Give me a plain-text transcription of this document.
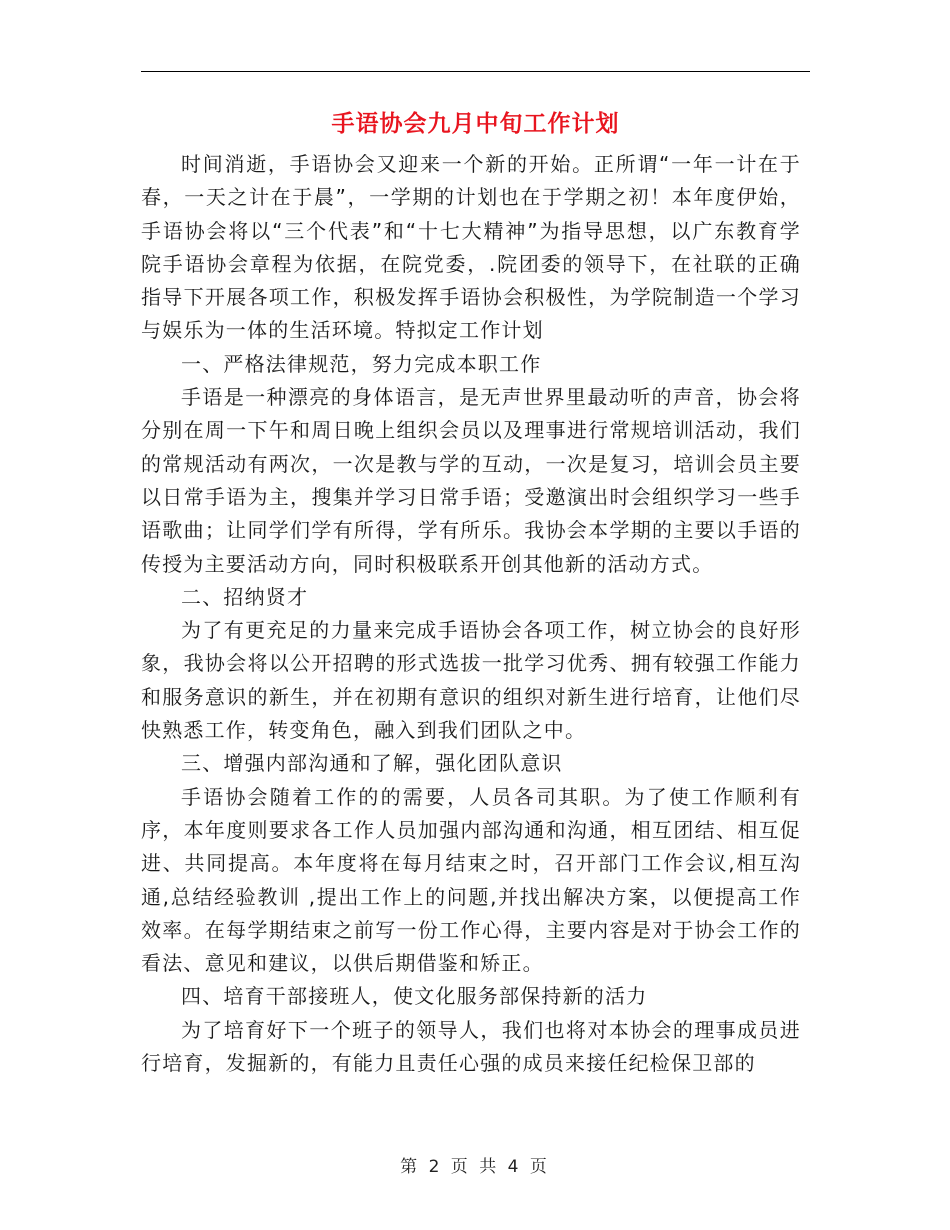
手语协会九月中旬工作计划

时间消逝，手语协会又迎来一个新的开始。正所谓“一年一计在于春，一天之计在于晨”，一学期的计划也在于学期之初！本年度伊始，手语协会将以“三个代表”和“十七大精神”为指导思想，以广东教育学院手语协会章程为依据，在院党委，.院团委的领导下，在社联的正确指导下开展各项工作，积极发挥手语协会积极性，为学院制造一个学习与娱乐为一体的生活环境。特拟定工作计划

一、严格法律规范，努力完成本职工作

手语是一种漂亮的身体语言，是无声世界里最动听的声音，协会将分别在周一下午和周日晚上组织会员以及理事进行常规培训活动，我们的常规活动有两次，一次是教与学的互动，一次是复习，培训会员主要以日常手语为主，搜集并学习日常手语；受邀演出时会组织学习一些手语歌曲；让同学们学有所得，学有所乐。我协会本学期的主要以手语的传授为主要活动方向，同时积极联系开创其他新的活动方式。

二、招纳贤才

为了有更充足的力量来完成手语协会各项工作，树立协会的良好形象，我协会将以公开招聘的形式选拔一批学习优秀、拥有较强工作能力和服务意识的新生，并在初期有意识的组织对新生进行培育，让他们尽快熟悉工作，转变角色，融入到我们团队之中。

三、增强内部沟通和了解，强化团队意识

手语协会随着工作的的需要，人员各司其职。为了使工作顺利有序，本年度则要求各工作人员加强内部沟通和沟通，相互团结、相互促进、共同提高。本年度将在每月结束之时，召开部门工作会议,相互沟通,总结经验教训 ,提出工作上的问题,并找出解决方案，以便提高工作效率。在每学期结束之前写一份工作心得，主要内容是对于协会工作的看法、意见和建议，以供后期借鉴和矫正。

四、培育干部接班人，使文化服务部保持新的活力

为了培育好下一个班子的领导人，我们也将对本协会的理事成员进行培育，发掘新的，有能力且责任心强的成员来接任纪检保卫部的

第 2 页 共 4 页
